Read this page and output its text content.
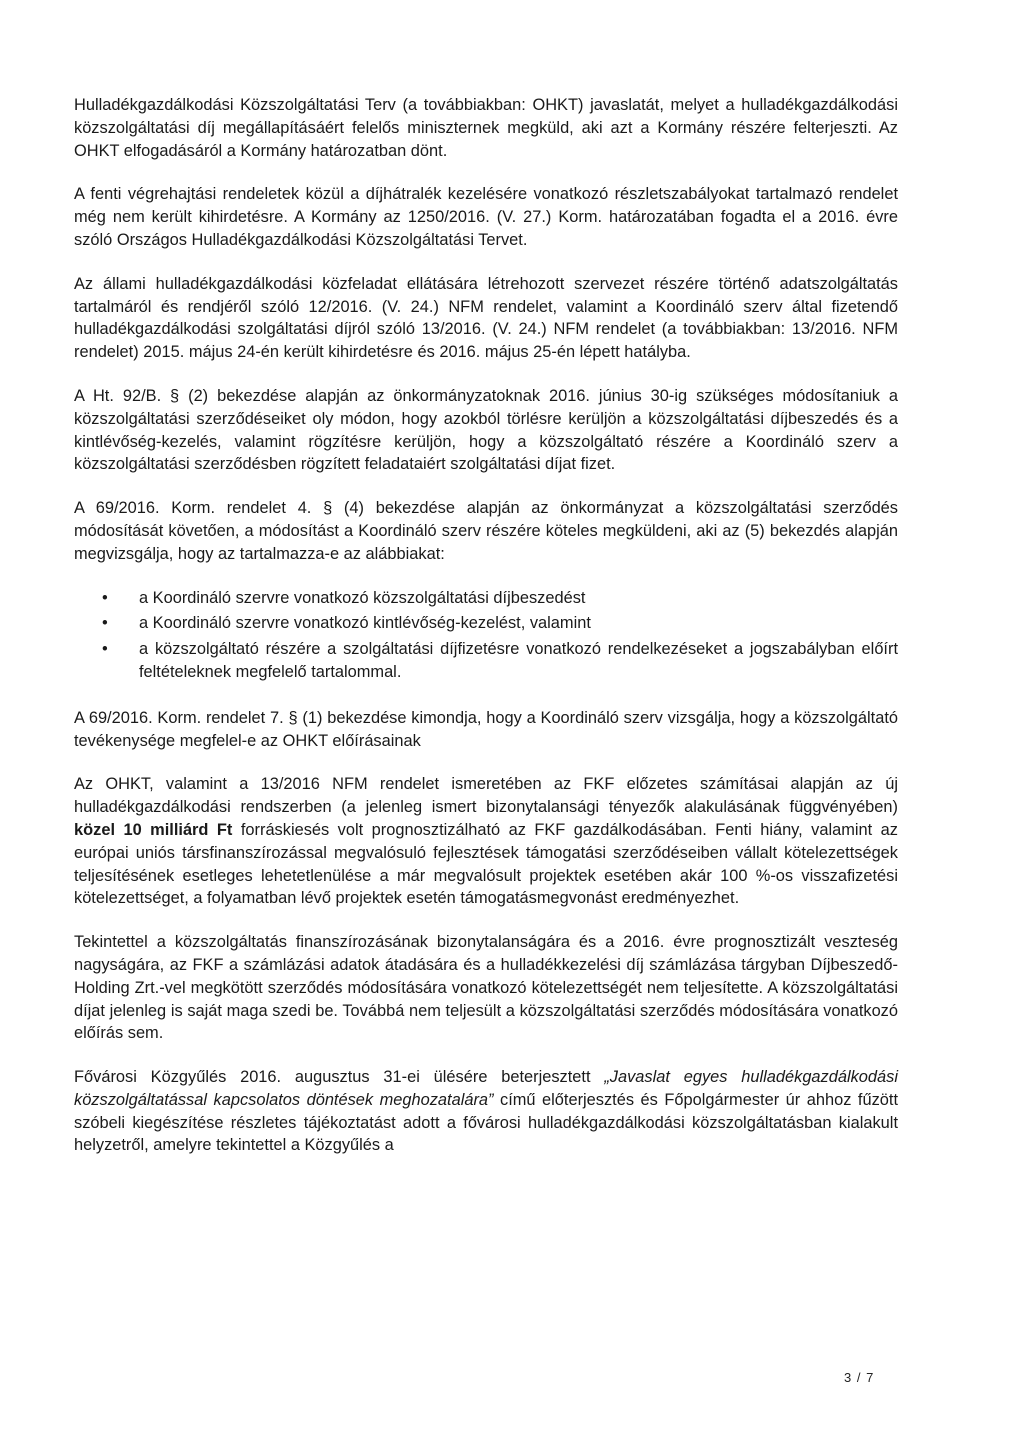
Hulladékgazdálkodási Közszolgáltatási Terv (a továbbiakban: OHKT) javaslatát, melyet a hulladékgazdálkodási közszolgáltatási díj megállapításáért felelős miniszternek megküld, aki azt a Kormány részére felterjeszti. Az OHKT elfogadásáról a Kormány határozatban dönt.

A fenti végrehajtási rendeletek közül a díjhátralék kezelésére vonatkozó részletszabályokat tartalmazó rendelet még nem került kihirdetésre. A Kormány az 1250/2016. (V. 27.) Korm. határozatában fogadta el a 2016. évre szóló Országos Hulladékgazdálkodási Közszolgáltatási Tervet.

Az állami hulladékgazdálkodási közfeladat ellátására létrehozott szervezet részére történő adatszolgáltatás tartalmáról és rendjéről szóló 12/2016. (V. 24.) NFM rendelet, valamint a Koordináló szerv által fizetendő hulladékgazdálkodási szolgáltatási díjról szóló 13/2016. (V. 24.) NFM rendelet (a továbbiakban: 13/2016. NFM rendelet) 2015. május 24-én került kihirdetésre és 2016. május 25-én lépett hatályba.

A Ht. 92/B. § (2) bekezdése alapján az önkormányzatoknak 2016. június 30-ig szükséges módosítaniuk a közszolgáltatási szerződéseiket oly módon, hogy azokból törlésre kerüljön a közszolgáltatási díjbeszedés és a kintlévőség-kezelés, valamint rögzítésre kerüljön, hogy a közszolgáltató részére a Koordináló szerv a közszolgáltatási szerződésben rögzített feladataiért szolgáltatási díjat fizet.

A 69/2016. Korm. rendelet 4. § (4) bekezdése alapján az önkormányzat a közszolgáltatási szerződés módosítását követően, a módosítást a Koordináló szerv részére köteles megküldeni, aki az (5) bekezdés alapján megvizsgálja, hogy az tartalmazza-e az alábbiakat:

• a Koordináló szervre vonatkozó közszolgáltatási díjbeszedést
• a Koordináló szervre vonatkozó kintlévőség-kezelést, valamint
• a közszolgáltató részére a szolgáltatási díjfizetésre vonatkozó rendelkezéseket a jogszabályban előírt feltételeknek megfelelő tartalommal.

A 69/2016. Korm. rendelet 7. § (1) bekezdése kimondja, hogy a Koordináló szerv vizsgálja, hogy a közszolgáltató tevékenysége megfelel-e az OHKT előírásainak

Az OHKT, valamint a 13/2016 NFM rendelet ismeretében az FKF előzetes számításai alapján az új hulladékgazdálkodási rendszerben (a jelenleg ismert bizonytalansági tényezők alakulásának függvényében) közel 10 milliárd Ft forráskiesés volt prognosztizálható az FKF gazdálkodásában. Fenti hiány, valamint az európai uniós társfinanszírozással megvalósuló fejlesztések támogatási szerződéseiben vállalt kötelezettségek teljesítésének esetleges lehetetlenülése a már megvalósult projektek esetében akár 100 %-os visszafizetési kötelezettséget, a folyamatban lévő projektek esetén támogatásmegvonást eredményezhet.

Tekintettel a közszolgáltatás finanszírozásának bizonytalanságára és a 2016. évre prognosztizált veszteség nagyságára, az FKF a számlázási adatok átadására és a hulladékkezelési díj számlázása tárgyban Díjbeszedő-Holding Zrt.-vel megkötött szerződés módosítására vonatkozó kötelezettségét nem teljesítette. A közszolgáltatási díjat jelenleg is saját maga szedi be. Továbbá nem teljesült a közszolgáltatási szerződés módosítására vonatkozó előírás sem.

Fővárosi Közgyűlés 2016. augusztus 31-ei ülésére beterjesztett „Javaslat egyes hulladékgazdálkodási közszolgáltatással kapcsolatos döntések meghozatalára” című előterjesztés és Főpolgármester úr ahhoz fűzött szóbeli kiegészítése részletes tájékoztatást adott a fővárosi hulladékgazdálkodási közszolgáltatásban kialakult helyzetről, amelyre tekintettel a Közgyűlés a

3 / 7
